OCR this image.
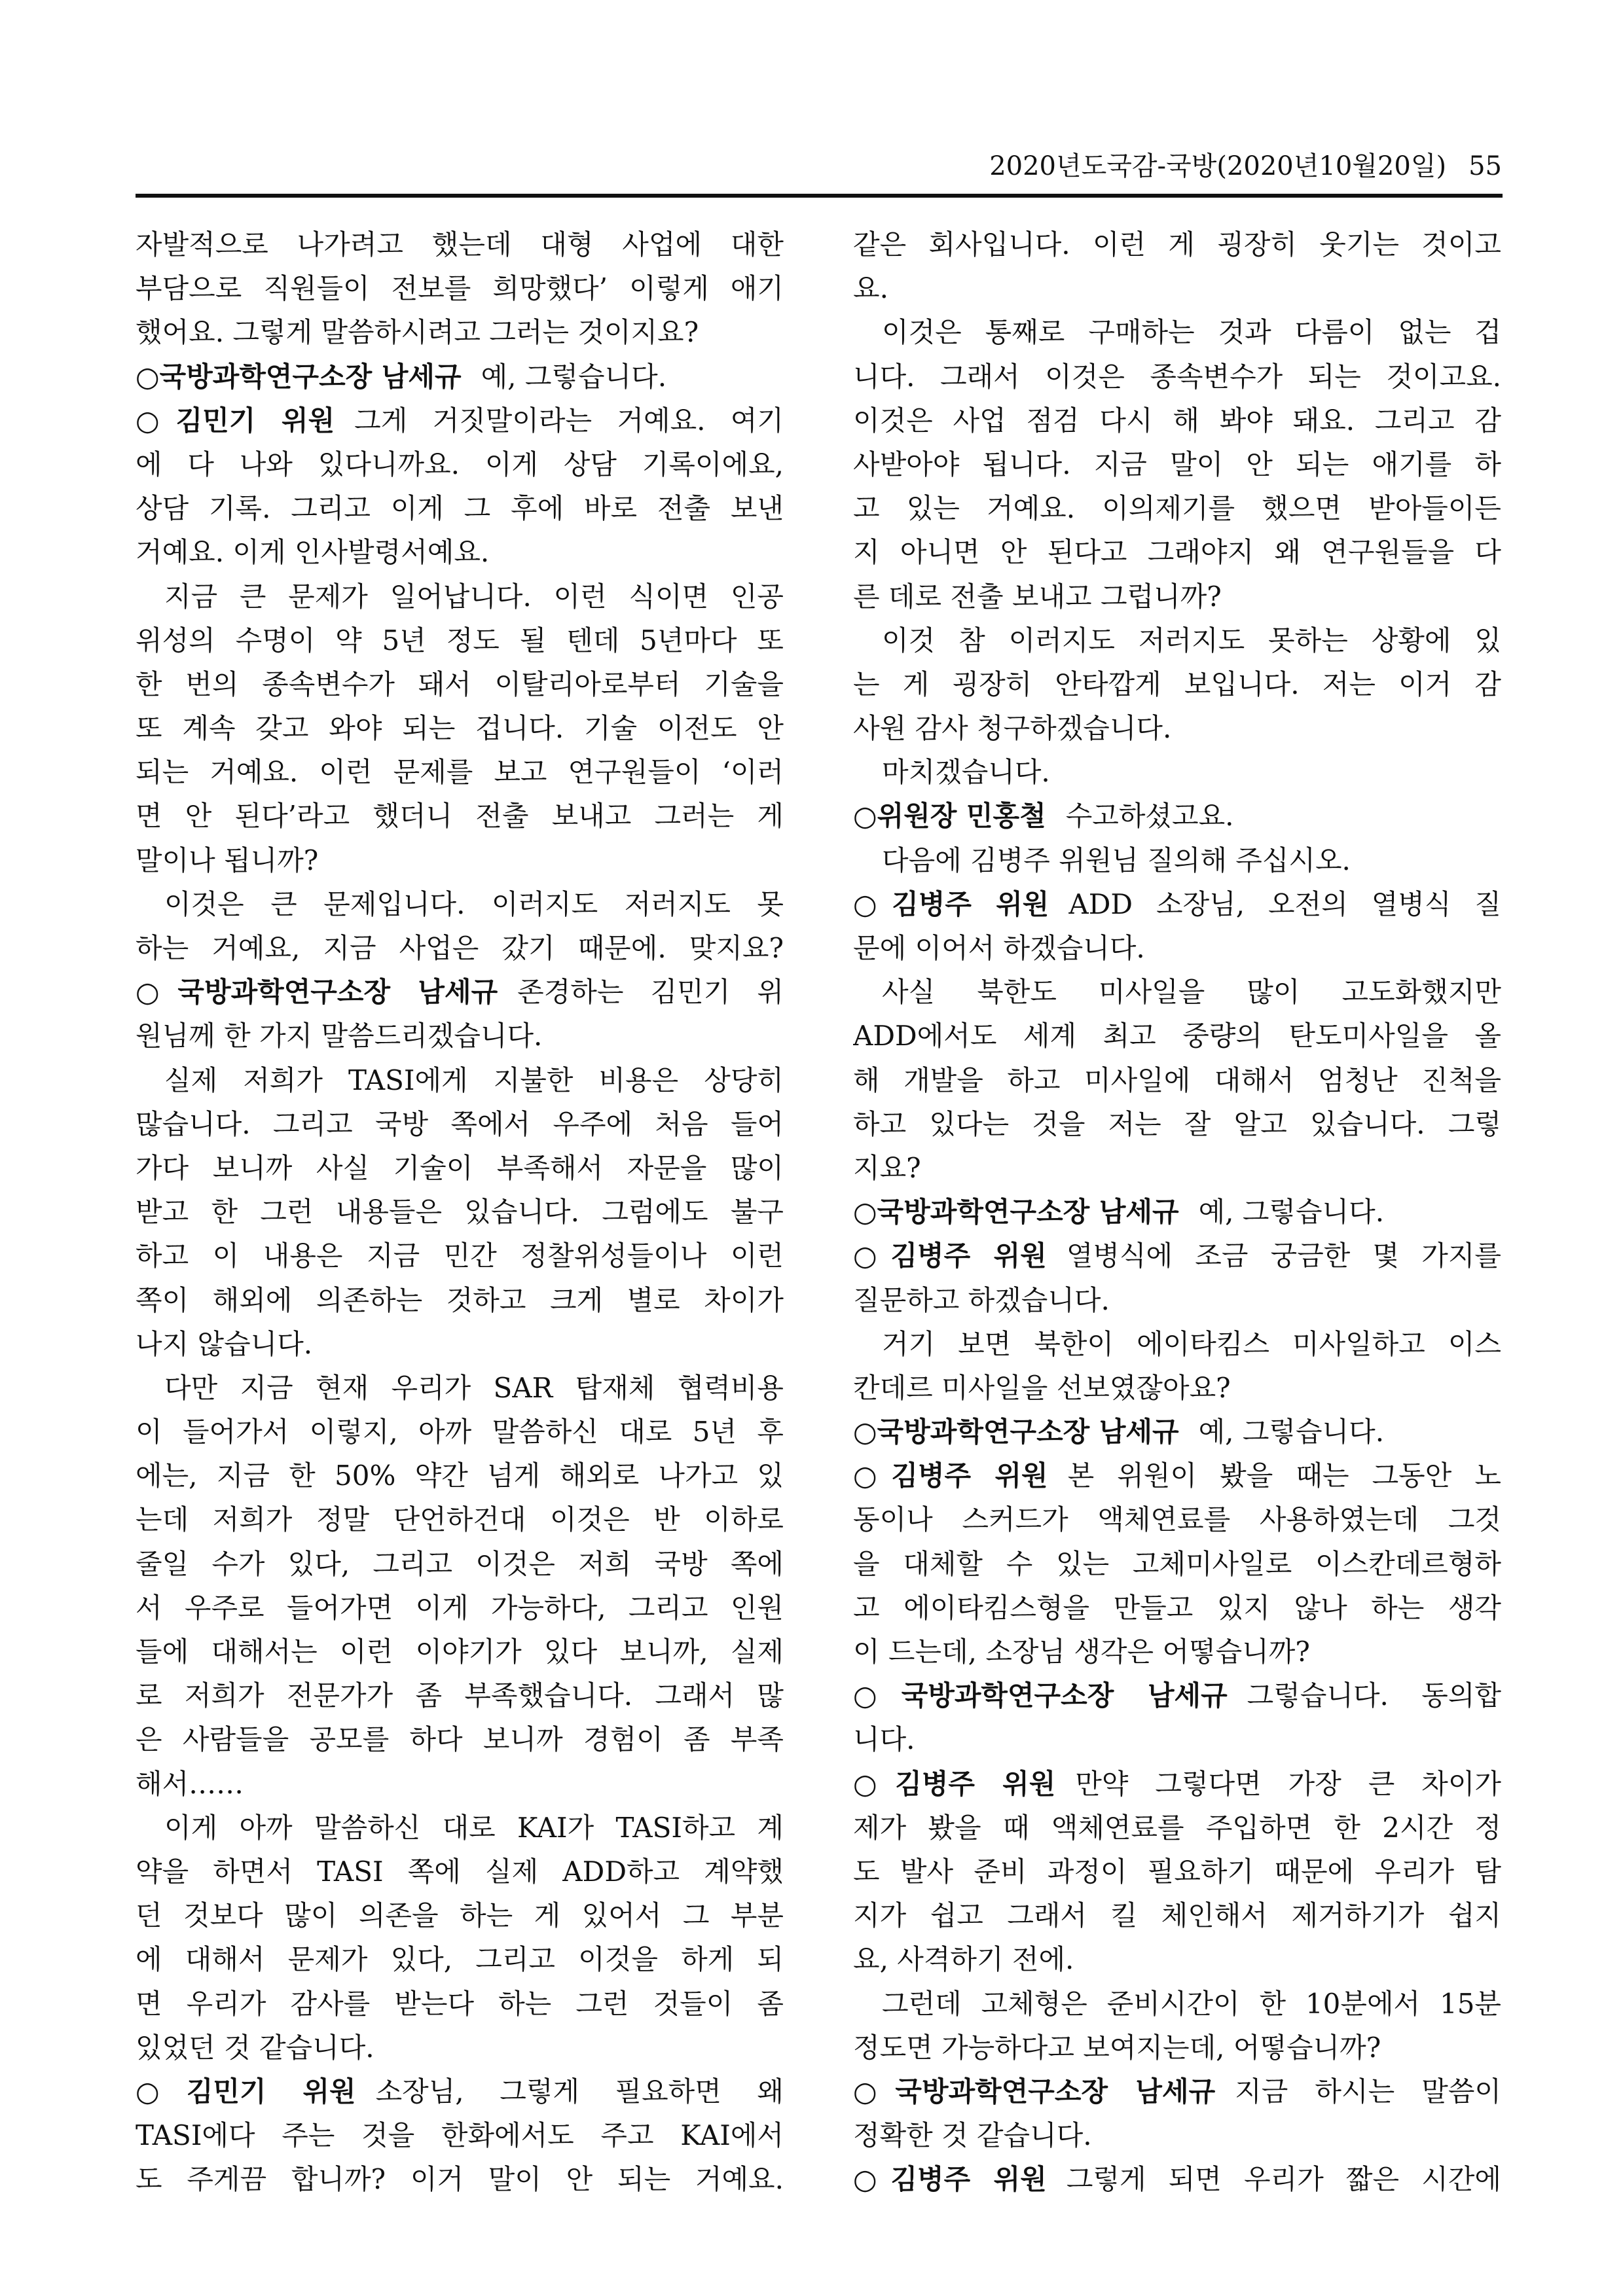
2020년도국감-국방(2020년10월20일) 55
자발적으로 나가려고 했는데 대형 사업에 대한
부담으로 직원들이 전보를 희망했다’ 이렇게 애기
했어요. 그렇게 말씀하시려고 그러는 것이지요?
○국방과학연구소장 남세규 예, 그렇습니다.
○김민기 위원 그게 거짓말이라는 거예요. 여기
에 다 나와 있다니까요. 이게 상담 기록이에요,
상담 기록. 그리고 이게 그 후에 바로 전출 보낸
거예요. 이게 인사발령서예요.
지금 큰 문제가 일어납니다. 이런 식이면 인공
위성의 수명이 약 5년 정도 될 텐데 5년마다 또
한 번의 종속변수가 돼서 이탈리아로부터 기술을
또 계속 갖고 와야 되는 겁니다. 기술 이전도 안
되는 거예요. 이런 문제를 보고 연구원들이 ‘이러
면 안 된다’라고 했더니 전출 보내고 그러는 게
말이나 됩니까?
이것은 큰 문제입니다. 이러지도 저러지도 못
하는 거예요, 지금 사업은 갔기 때문에. 맞지요?
○국방과학연구소장 남세규 존경하는 김민기 위
원님께 한 가지 말씀드리겠습니다.
실제 저희가 TASI에게 지불한 비용은 상당히
많습니다. 그리고 국방 쪽에서 우주에 처음 들어
가다 보니까 사실 기술이 부족해서 자문을 많이
받고 한 그런 내용들은 있습니다. 그럼에도 불구
하고 이 내용은 지금 민간 정찰위성들이나 이런
쪽이 해외에 의존하는 것하고 크게 별로 차이가
나지 않습니다.
다만 지금 현재 우리가 SAR 탑재체 협력비용
이 들어가서 이렇지, 아까 말씀하신 대로 5년 후
에는, 지금 한 50% 약간 넘게 해외로 나가고 있
는데 저희가 정말 단언하건대 이것은 반 이하로
줄일 수가 있다, 그리고 이것은 저희 국방 쪽에
서 우주로 들어가면 이게 가능하다, 그리고 인원
들에 대해서는 이런 이야기가 있다 보니까, 실제
로 저희가 전문가가 좀 부족했습니다. 그래서 많
은 사람들을 공모를 하다 보니까 경험이 좀 부족
해서……
이게 아까 말씀하신 대로 KAI가 TASI하고 계
약을 하면서 TASI 쪽에 실제 ADD하고 계약했
던 것보다 많이 의존을 하는 게 있어서 그 부분
에 대해서 문제가 있다, 그리고 이것을 하게 되
면 우리가 감사를 받는다 하는 그런 것들이 좀
있었던 것 같습니다.
○김민기 위원 소장님, 그렇게 필요하면 왜
TASI에다 주는 것을 한화에서도 주고 KAI에서
도 주게끔 합니까? 이거 말이 안 되는 거예요.
같은 회사입니다. 이런 게 굉장히 웃기는 것이고
요.
이것은 통째로 구매하는 것과 다름이 없는 겁
니다. 그래서 이것은 종속변수가 되는 것이고요.
이것은 사업 점검 다시 해 봐야 돼요. 그리고 감
사받아야 됩니다. 지금 말이 안 되는 애기를 하
고 있는 거예요. 이의제기를 했으면 받아들이든
지 아니면 안 된다고 그래야지 왜 연구원들을 다
른 데로 전출 보내고 그럽니까?
이것 참 이러지도 저러지도 못하는 상황에 있
는 게 굉장히 안타깝게 보입니다. 저는 이거 감
사원 감사 청구하겠습니다.
마치겠습니다.
○위원장 민홍철 수고하셨고요.
다음에 김병주 위원님 질의해 주십시오.
○김병주 위원 ADD 소장님, 오전의 열병식 질
문에 이어서 하겠습니다.
사실 북한도 미사일을 많이 고도화했지만
ADD에서도 세계 최고 중량의 탄도미사일을 올
해 개발을 하고 미사일에 대해서 엄청난 진척을
하고 있다는 것을 저는 잘 알고 있습니다. 그렇
지요?
○국방과학연구소장 남세규 예, 그렇습니다.
○김병주 위원 열병식에 조금 궁금한 몇 가지를
질문하고 하겠습니다.
거기 보면 북한이 에이타킴스 미사일하고 이스
칸데르 미사일을 선보였잖아요?
○국방과학연구소장 남세규 예, 그렇습니다.
○김병주 위원 본 위원이 봤을 때는 그동안 노
동이나 스커드가 액체연료를 사용하였는데 그것
을 대체할 수 있는 고체미사일로 이스칸데르형하
고 에이타킴스형을 만들고 있지 않나 하는 생각
이 드는데, 소장님 생각은 어떻습니까?
○국방과학연구소장 남세규 그렇습니다. 동의합
니다.
○김병주 위원 만약 그렇다면 가장 큰 차이가
제가 봤을 때 액체연료를 주입하면 한 2시간 정
도 발사 준비 과정이 필요하기 때문에 우리가 탐
지가 쉽고 그래서 킬 체인해서 제거하기가 쉽지
요, 사격하기 전에.
그런데 고체형은 준비시간이 한 10분에서 15분
정도면 가능하다고 보여지는데, 어떻습니까?
○국방과학연구소장 남세규 지금 하시는 말씀이
정확한 것 같습니다.
○김병주 위원 그렇게 되면 우리가 짧은 시간에
